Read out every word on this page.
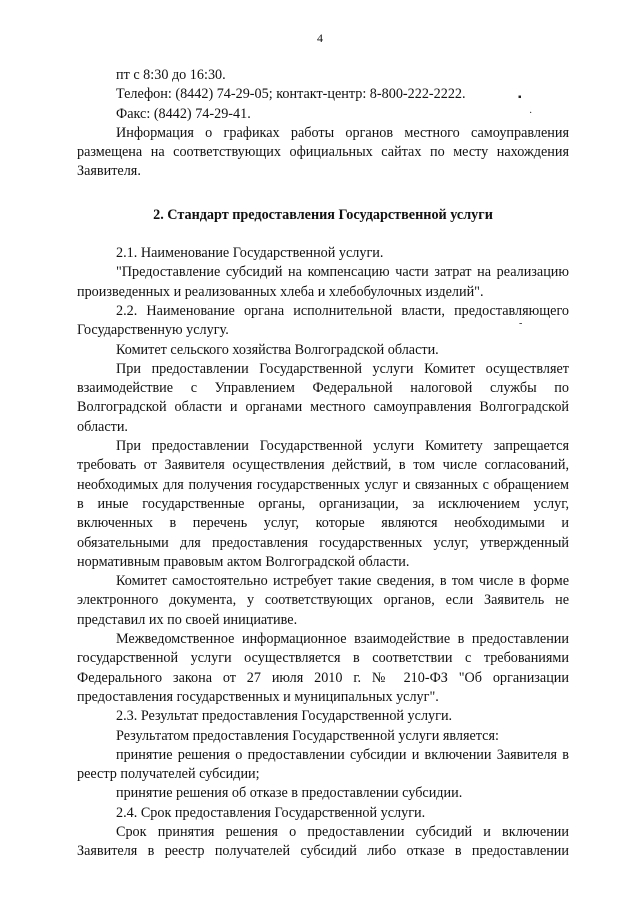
4

пт с 8:30 до 16:30.

Телефон: (8442) 74-29-05; контакт-центр: 8-800-222-2222.

Факс: (8442) 74-29-41.

Информация о графиках работы органов местного самоуправления размещена на соответствующих официальных сайтах по месту нахождения Заявителя.

2. Стандарт предоставления Государственной услуги

2.1. Наименование Государственной услуги.

"Предоставление субсидий на компенсацию части затрат на реализацию произведенных и реализованных хлеба и хлебобулочных изделий".

2.2. Наименование органа исполнительной власти, предоставляющего Государственную услугу.

Комитет сельского хозяйства Волгоградской области.

При предоставлении Государственной услуги Комитет осуществляет взаимодействие с Управлением Федеральной налоговой службы по Волгоградской области и органами местного самоуправления Волгоградской области.

При предоставлении Государственной услуги Комитету запрещается требовать от Заявителя осуществления действий, в том числе согласований, необходимых для получения государственных услуг и связанных с обращением в иные государственные органы, организации, за исключением услуг, включенных в перечень услуг, которые являются необходимыми и обязательными для предоставления государственных услуг, утвержденный нормативным правовым актом Волгоградской области.

Комитет самостоятельно истребует такие сведения, в том числе в форме электронного документа, у соответствующих органов, если Заявитель не представил их по своей инициативе.

Межведомственное информационное взаимодействие в предоставлении государственной услуги осуществляется в соответствии с требованиями Федерального закона от 27 июля 2010 г. № 210-ФЗ "Об организации предоставления государственных и муниципальных услуг".

2.3. Результат предоставления Государственной услуги.

Результатом предоставления Государственной услуги является:

принятие решения о предоставлении субсидии и включении Заявителя в реестр получателей субсидии;

принятие решения об отказе в предоставлении субсидии.

2.4. Срок предоставления Государственной услуги.

Срок принятия решения о предоставлении субсидий и включении Заявителя в реестр получателей субсидий либо отказе в предоставлении

▪
·
-
